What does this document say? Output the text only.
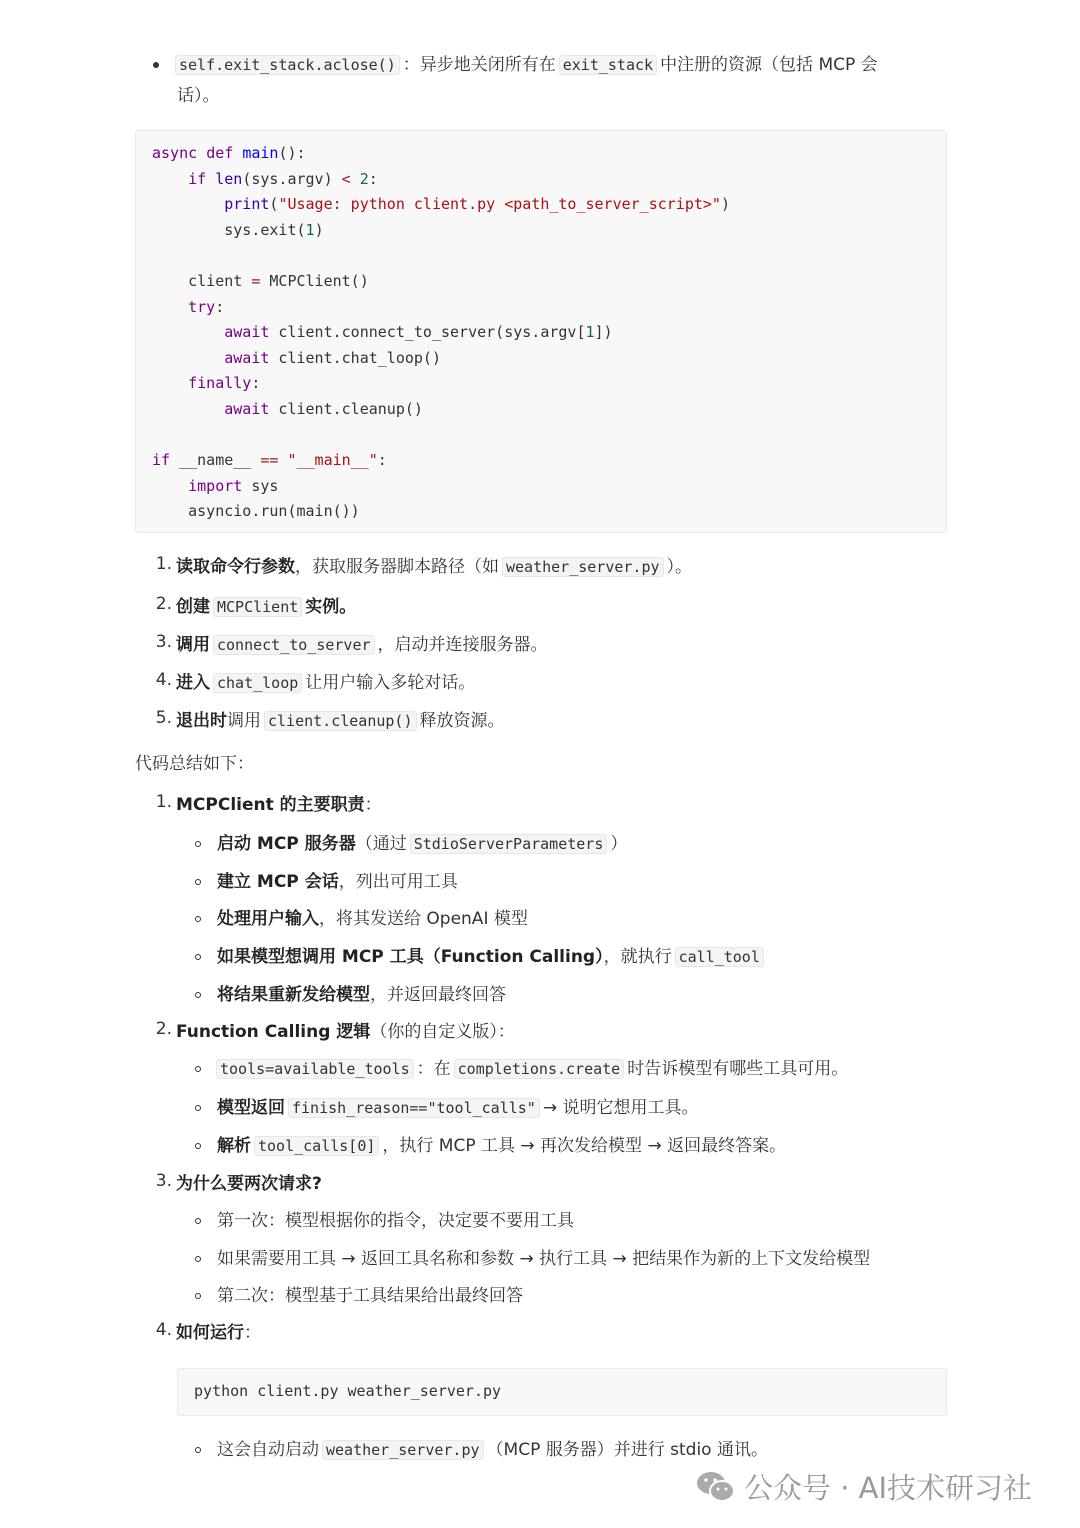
self.exit_stack.aclose() ：异步地关闭所有在 exit_stack 中注册的资源（包括 MCP 会
话）。
async def main():
if len(sys.argv) < 2:
print("Usage: python client.py <path_to_server_script>")
sys.exit(1)

client = MCPClient()
try:
await client.connect_to_server(sys.argv[1])
await client.chat_loop()
finally:
await client.cleanup()

if __name__ == "__main__":
import sys
asyncio.run(main())
1. 读取命令行参数，获取服务器脚本路径（如 weather_server.py ）。
2. 创建 MCPClient 实例。
3. 调用 connect_to_server ，启动并连接服务器。
4. 进入 chat_loop 让用户输入多轮对话。
5. 退出时调用 client.cleanup() 释放资源。
代码总结如下：
1. MCPClient 的主要职责：
启动 MCP 服务器（通过 StdioServerParameters ）
建立 MCP 会话，列出可用工具
处理用户输入，将其发送给 OpenAI 模型
如果模型想调用 MCP 工具（Function Calling），就执行 call_tool
将结果重新发给模型，并返回最终回答
2. Function Calling 逻辑（你的自定义版）：
tools=available_tools ：在 completions.create 时告诉模型有哪些工具可用。
模型返回 finish_reason=="tool_calls" → 说明它想用工具。
解析 tool_calls[0] ，执行 MCP 工具 → 再次发给模型 → 返回最终答案。
3. 为什么要两次请求?
第一次：模型根据你的指令，决定要不要用工具
如果需要用工具 → 返回工具名称和参数 → 执行工具 → 把结果作为新的上下文发给模型
第二次：模型基于工具结果给出最终回答
4. 如何运行：
python client.py weather_server.py
这会自动启动 weather_server.py （MCP 服务器）并进行 stdio 通讯。
公众号 · AI技术研习社
